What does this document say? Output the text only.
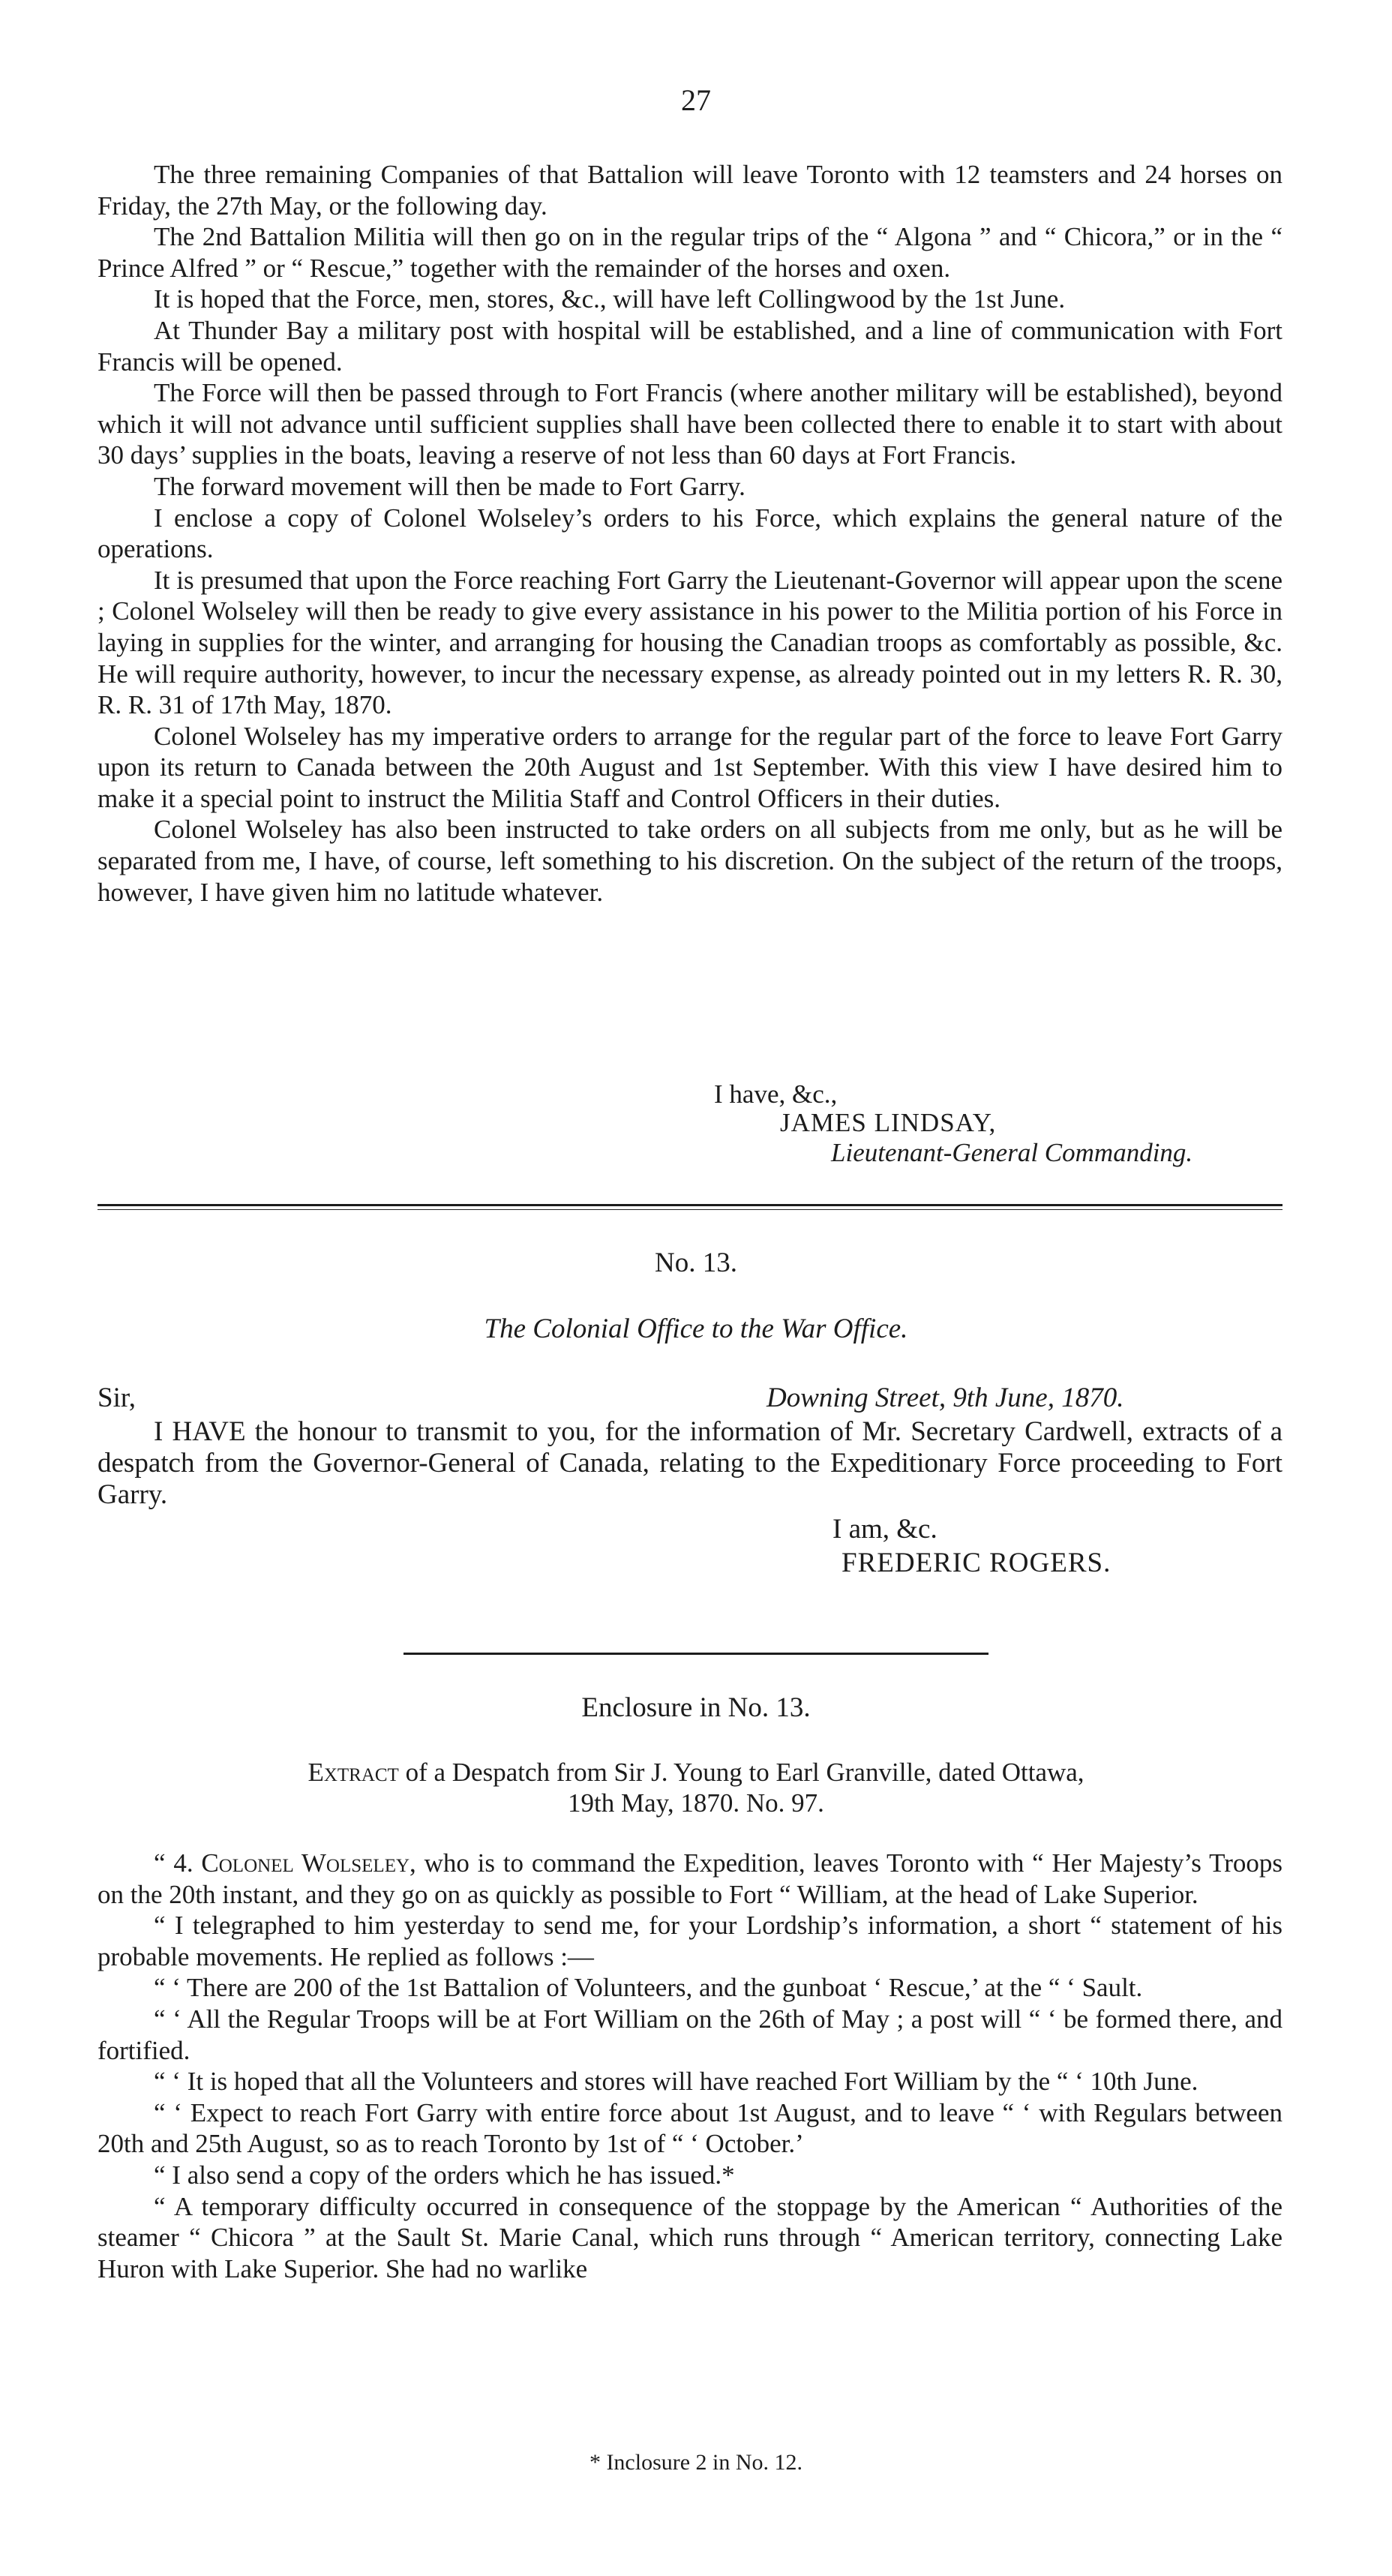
27

The three remaining Companies of that Battalion will leave Toronto with 12 teamsters and 24 horses on Friday, the 27th May, or the following day.

The 2nd Battalion Militia will then go on in the regular trips of the “ Algona ” and “ Chicora,” or in the “ Prince Alfred ” or “ Rescue,” together with the remainder of the horses and oxen.

It is hoped that the Force, men, stores, &c., will have left Collingwood by the 1st June.

At Thunder Bay a military post with hospital will be established, and a line of communication with Fort Francis will be opened.

The Force will then be passed through to Fort Francis (where another military will be established), beyond which it will not advance until sufficient supplies shall have been collected there to enable it to start with about 30 days’ supplies in the boats, leaving a reserve of not less than 60 days at Fort Francis.

The forward movement will then be made to Fort Garry.

I enclose a copy of Colonel Wolseley’s orders to his Force, which explains the general nature of the operations.

It is presumed that upon the Force reaching Fort Garry the Lieutenant-Governor will appear upon the scene ; Colonel Wolseley will then be ready to give every assistance in his power to the Militia portion of his Force in laying in supplies for the winter, and arranging for housing the Canadian troops as comfortably as possible, &c. He will require authority, however, to incur the necessary expense, as already pointed out in my letters R. R. 30, R. R. 31 of 17th May, 1870.

Colonel Wolseley has my imperative orders to arrange for the regular part of the force to leave Fort Garry upon its return to Canada between the 20th August and 1st September. With this view I have desired him to make it a special point to instruct the Militia Staff and Control Officers in their duties.

Colonel Wolseley has also been instructed to take orders on all subjects from me only, but as he will be separated from me, I have, of course, left something to his discretion. On the subject of the return of the troops, however, I have given him no latitude whatever.

I have, &c.,
JAMES LINDSAY,
Lieutenant-General Commanding.
No. 13.
The Colonial Office to the War Office.
Sir,	Downing Street, 9th June, 1870.

I HAVE the honour to transmit to you, for the information of Mr. Secretary Cardwell, extracts of a despatch from the Governor-General of Canada, relating to the Expeditionary Force proceeding to Fort Garry.

I am, &c.
FREDERIC ROGERS.
Enclosure in No. 13.
Extract of a Despatch from Sir J. Young to Earl Granville, dated Ottawa,
19th May, 1870. No. 97.

“ 4. Colonel Wolseley, who is to command the Expedition, leaves Toronto with “ Her Majesty’s Troops on the 20th instant, and they go on as quickly as possible to Fort “ William, at the head of Lake Superior.

“ I telegraphed to him yesterday to send me, for your Lordship’s information, a short “ statement of his probable movements. He replied as follows :—

“ ‘ There are 200 of the 1st Battalion of Volunteers, and the gunboat ‘ Rescue,’ at the “ ‘ Sault.

“ ‘ All the Regular Troops will be at Fort William on the 26th of May ; a post will “ ‘ be formed there, and fortified.

“ ‘ It is hoped that all the Volunteers and stores will have reached Fort William by the “ ‘ 10th June.

“ ‘ Expect to reach Fort Garry with entire force about 1st August, and to leave “ ‘ with Regulars between 20th and 25th August, so as to reach Toronto by 1st of “ ‘ October.’

“ I also send a copy of the orders which he has issued.*

“ A temporary difficulty occurred in consequence of the stoppage by the American “ Authorities of the steamer “ Chicora ” at the Sault St. Marie Canal, which runs through “ American territory, connecting Lake Huron with Lake Superior. She had no warlike

* Inclosure 2 in No. 12.
